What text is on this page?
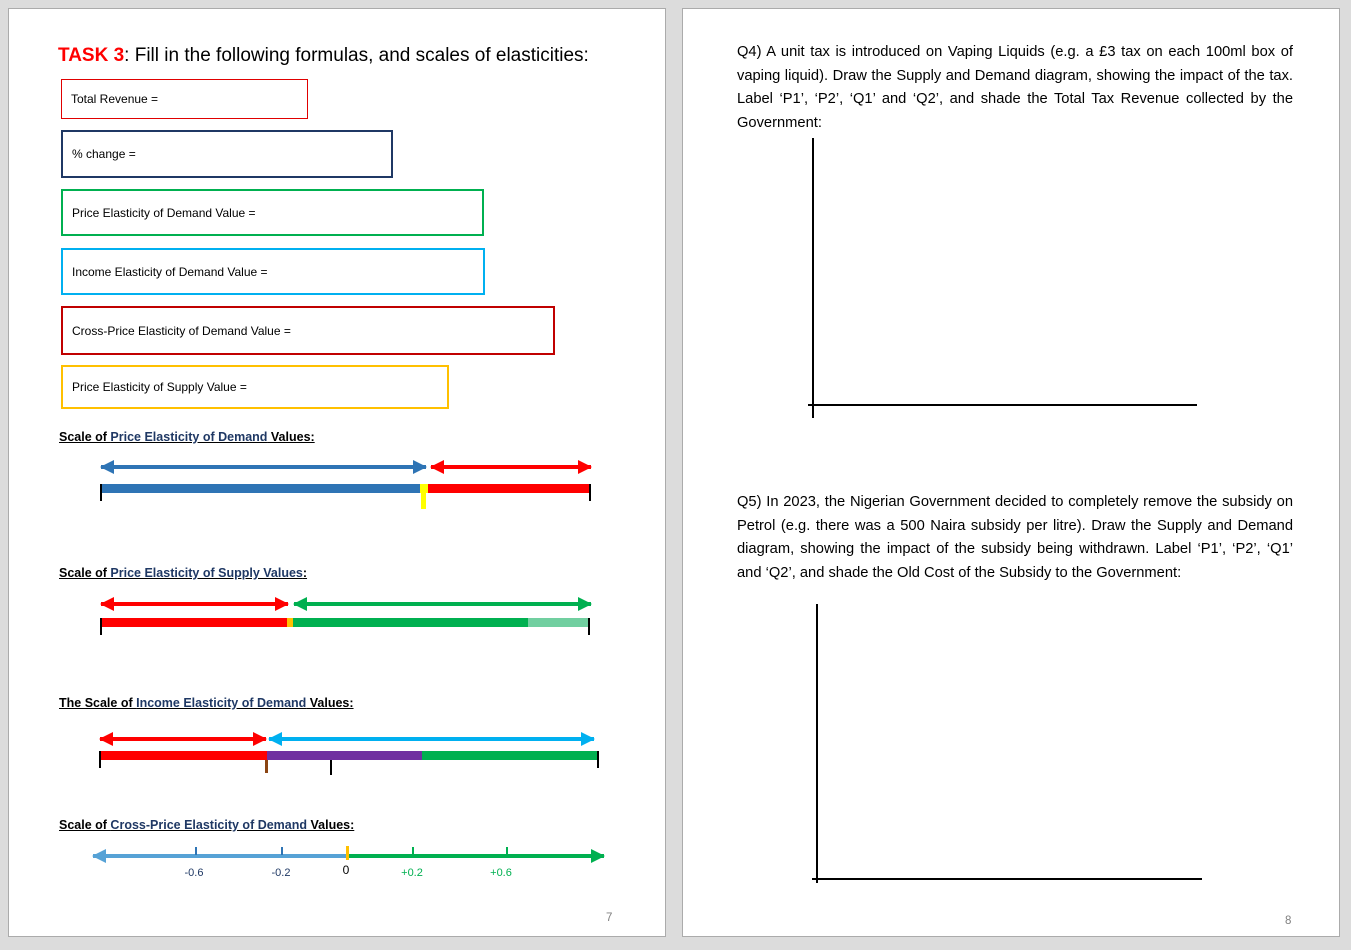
TASK 3: Fill in the following formulas, and scales of elasticities:
Total Revenue =
% change =
Price Elasticity of Demand Value =
Income Elasticity of Demand Value =
Cross-Price Elasticity of Demand Value =
Price Elasticity of Supply Value =
Scale of Price Elasticity of Demand Values:
Scale of Price Elasticity of Supply Values:
The Scale of Income Elasticity of Demand Values:
Scale of Cross-Price Elasticity of Demand Values:
-0.6	-0.2	0	+0.2	+0.6
7
Q4) A unit tax is introduced on Vaping Liquids (e.g. a £3 tax on each 100ml box of vaping liquid). Draw the Supply and Demand diagram, showing the impact of the tax. Label ‘P1’, ‘P2’, ‘Q1’ and ‘Q2’, and shade the Total Tax Revenue collected by the Government:
Q5) In 2023, the Nigerian Government decided to completely remove the subsidy on Petrol (e.g. there was a 500 Naira subsidy per litre). Draw the Supply and Demand diagram, showing the impact of the subsidy being withdrawn. Label ‘P1’, ‘P2’, ‘Q1’ and ‘Q2’, and shade the Old Cost of the Subsidy to the Government:
8
